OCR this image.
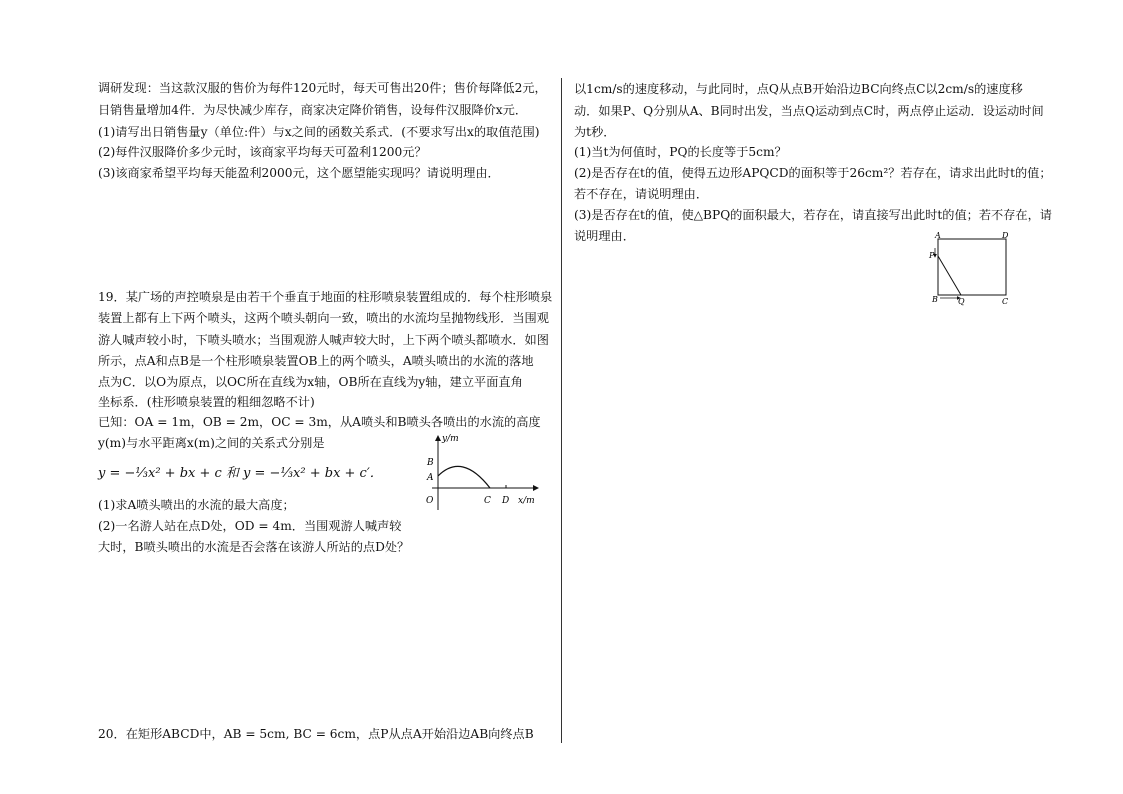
调研发现：当这款汉服的售价为每件120元时，每天可售出20件；售价每降低2元，
日销售量增加4件．为尽快减少库存，商家决定降价销售，设每件汉服降价x元．
(1)请写出日销售量y（单位:件）与x之间的函数关系式．(不要求写出x的取值范围)
(2)每件汉服降价多少元时，该商家平均每天可盈利1200元？
(3)该商家希望平均每天能盈利2000元，这个愿望能实现吗？请说明理由．
19．某广场的声控喷泉是由若干个垂直于地面的柱形喷泉装置组成的．每个柱形喷泉
装置上都有上下两个喷头，这两个喷头朝向一致，喷出的水流均呈抛物线形．当围观
游人喊声较小时，下喷头喷水；当围观游人喊声较大时，上下两个喷头都喷水．如图
所示，点A和点B是一个柱形喷泉装置OB上的两个喷头，A喷头喷出的水流的落地
点为C．以O为原点，以OC所在直线为x轴，OB所在直线为y轴，建立平面直角
坐标系．(柱形喷泉装置的粗细忽略不计)
已知：OA = 1m，OB = 2m，OC = 3m，从A喷头和B喷头各喷出的水流的高度
y(m)与水平距离x(m)之间的关系式分别是
y = −⅓x² + bx + c 和 y = −⅓x² + bx + c′．
(1)求A喷头喷出的水流的最大高度；
(2)一名游人站在点D处，OD = 4m．当围观游人喊声较
大时，B喷头喷出的水流是否会落在该游人所站的点D处？
20．在矩形ABCD中，AB = 5cm, BC = 6cm，点P从点A开始沿边AB向终点B
y/m
x/m
B
A
O	C D
以1cm/s的速度移动，与此同时，点Q从点B开始沿边BC向终点C以2cm/s的速度移
动．如果P、Q分别从A、B同时出发，当点Q运动到点C时，两点停止运动．设运动时间
为t秒．
(1)当t为何值时，PQ的长度等于5cm？
(2)是否存在t的值，使得五边形APQCD的面积等于26cm²？若存在，请求出此时t的值；
若不存在，请说明理由．
(3)是否存在t的值，使△BPQ的面积最大，若存在，请直接写出此时t的值；若不存在，请
说明理由．	A	D
P
B	Q	C
